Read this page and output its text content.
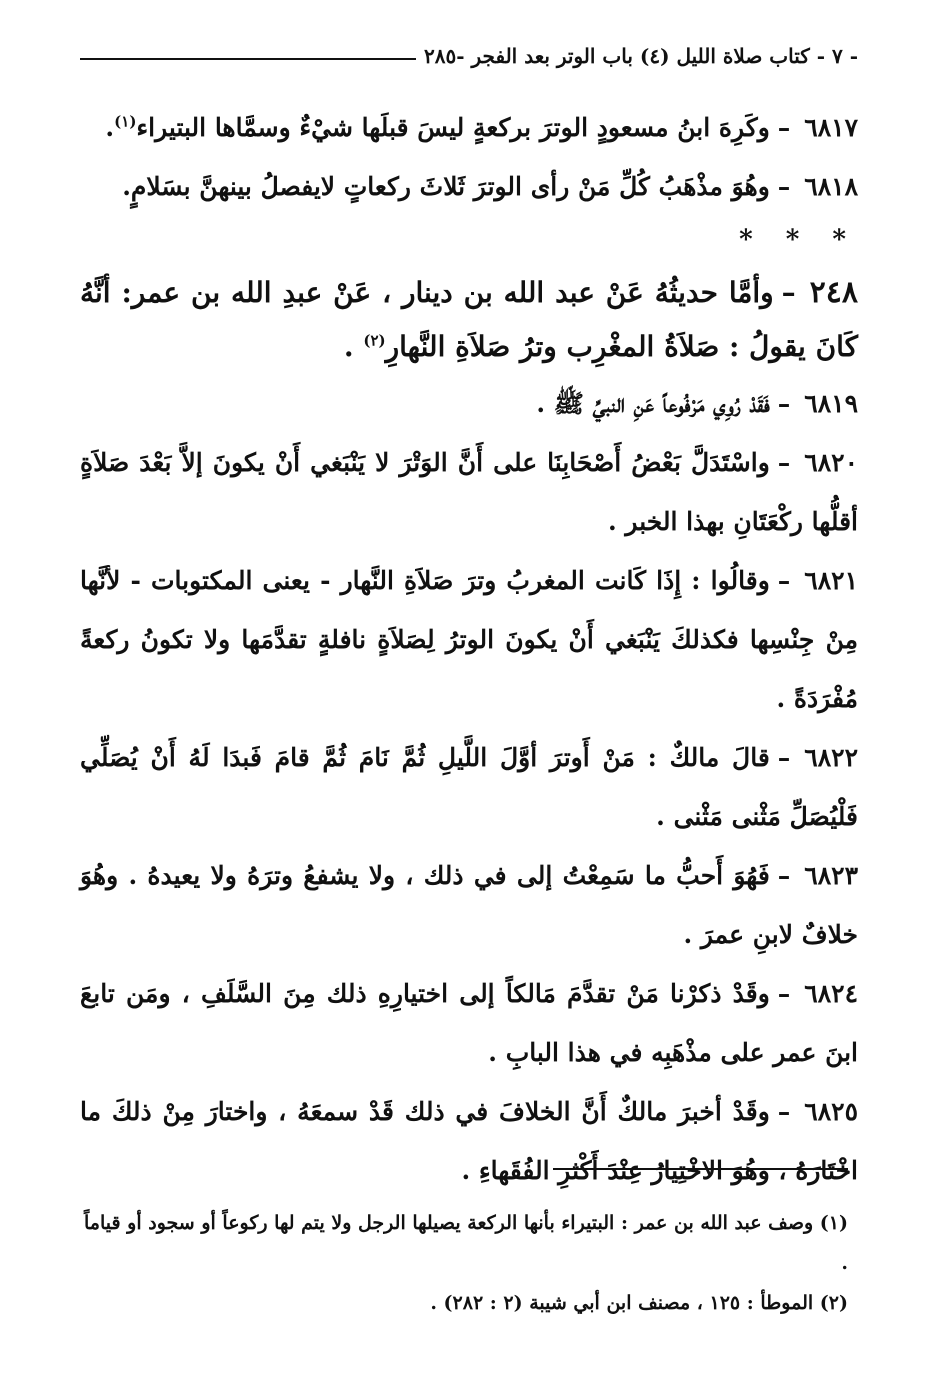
- ٧ - كتاب صلاة الليل (٤) باب الوتر بعد الفجر -٢٨٥

٦٨١٧–وكَرِهَ ابنُ مسعودٍ الوترَ بركعةٍ ليسَ قبلَها شيْءٌ وسمَّاها البتيراء$^{(١)}$.

٦٨١٨–وهُوَ مذْهَبُ كُلِّ مَنْ رأى الوترَ ثَلاثَ ركعاتٍ لايفصلُ بينهنَّ بسَلامٍ.

* * *

٢٤٨–وأمَّا حديثُهُ عَنْ عبد الله بن دينار ، عَنْ عبدِ الله بن عمر: أنَّهُ كَانَ يقولُ : صَلاَةُ المغْرِب وترُ صَلاَةِ النَّهارِ$^{(٢)}$ .

٦٨١٩–فَقَدْ رُوِي مَرْفُوعاً عَنِ النبيِّ ﷺ .

٦٨٢٠–واسْتَدَلَّ بَعْضُ أَصْحَابِنَا على أَنَّ الوَتْرَ لا يَنْبَغي أَنْ يكونَ إلاَّ بَعْدَ صَلاَةٍ أقلُّها ركْعَتَانِ بهذا الخبر .

٦٨٢١–وقالُوا : إِذَا كَانت المغربُ وترَ صَلاَةِ النَّهار - يعنى المكتوبات - لأنَّها مِنْ جِنْسِها فكذلكَ يَنْبَغي أَنْ يكونَ الوترُ لِصَلاَةٍ نافلةٍ تقدَّمَها ولا تكونُ ركعةً مُفْرَدَةً .

٦٨٢٢–قالَ مالكٌ : مَنْ أَوترَ أوَّلَ اللَّيلِ ثُمَّ نَامَ ثُمَّ قامَ فَبدَا لَهُ أَنْ يُصَلِّي فَلْيُصَلِّ مَثْنى مَثْنى .

٦٨٢٣–فَهُوَ أَحبُّ ما سَمِعْتُ إلى في ذلك ، ولا يشفعُ وترَهُ ولا يعيدهُ . وهُوَ خلافٌ لابنِ عمرَ .

٦٨٢٤–وقَدْ ذكرْنا مَنْ تقدَّمَ مَالكاً إلى اختيارِهِ ذلك مِنَ السَّلَفِ ، ومَن تابعَ ابنَ عمر على مذْهَبِه في هذا البابِ .

٦٨٢٥–وقَدْ أخبرَ مالكٌ أَنَّ الخلافَ في ذلك قَدْ سمعَهُ ، واختارَ مِنْ ذلكَ ما اخْتَارَهُ ، وهُوَ الاخْتِيارُ عِنْدَ أَكْثرِ الفُقَهاءِ .

(١) وصف عبد الله بن عمر : البتيراء بأنها الركعة يصيلها الرجل ولا يتم لها ركوعاً أو سجود أو قياماً .

(٢) الموطأ : ١٢٥ ، مصنف ابن أبي شيبة (٢ : ٢٨٢) .
